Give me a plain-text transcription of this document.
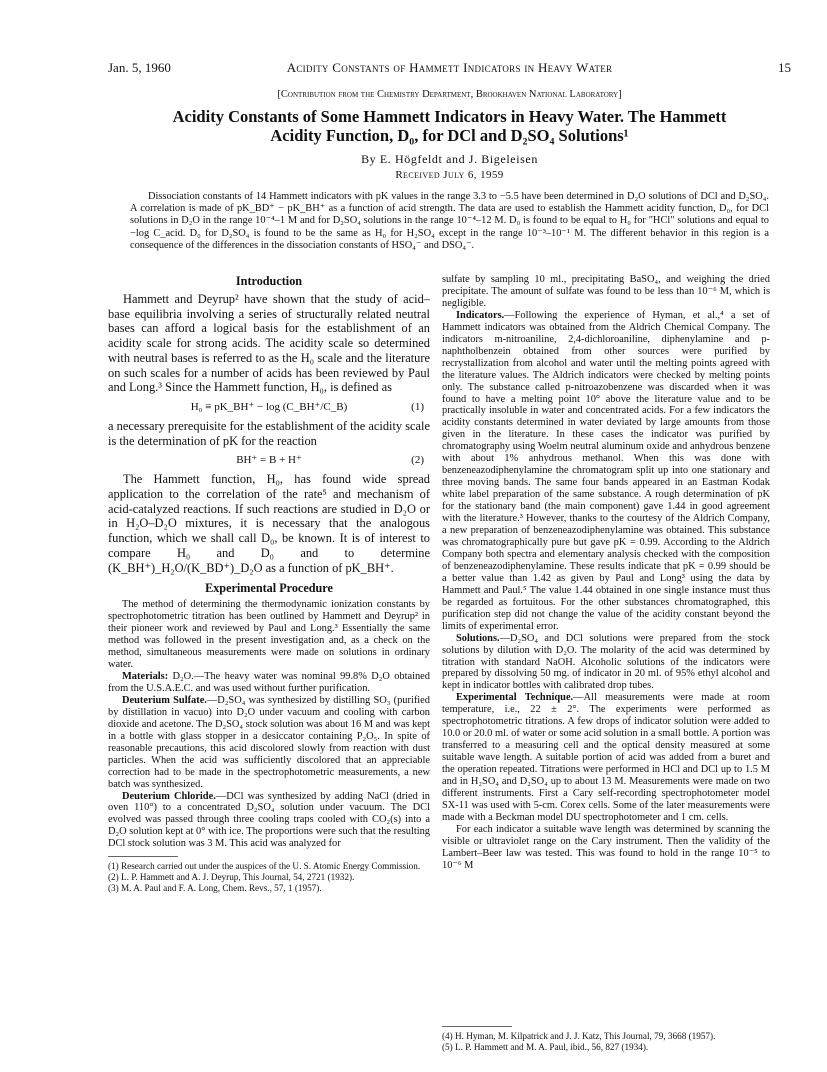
Jan. 5, 1960	Acidity Constants of Hammett Indicators in Heavy Water	15
[Contribution from the Chemistry Department, Brookhaven National Laboratory]
Acidity Constants of Some Hammett Indicators in Heavy Water. The Hammett
Acidity Function, D₀, for DCl and D₂SO₄ Solutions¹
By E. Högfeldt and J. Bigeleisen
Received July 6, 1959

Dissociation constants of 14 Hammett indicators with pK values in the range 3.3 to −5.5 have been determined in D₂O solutions of DCl and D₂SO₄. A correlation is made of pK_BD⁺ − pK_BH⁺ as a function of acid strength. The data are used to establish the Hammett acidity function, D₀, for DCl solutions in D₂O in the range 10⁻⁴–1 M and for D₂SO₄ solutions in the range 10⁻⁴–12 M. D₀ is found to be equal to H₀ for "HCl" solutions and equal to −log C_acid. D₀ for D₂SO₄ is found to be the same as H₀ for H₂SO₄ except in the range 10⁻³–10⁻¹ M. The different behavior in this region is a consequence of the differences in the dissociation constants of HSO₄⁻ and DSO₄⁻.

Introduction

Hammett and Deyrup² have shown that the study of acid–base equilibria involving a series of structurally related neutral bases can afford a logical basis for the establishment of an acidity scale for strong acids. The acidity scale so determined with neutral bases is referred to as the H₀ scale and the literature on such scales for a number of acids has been reviewed by Paul and Long.³ Since the Hammett function, H₀, is defined as

H₀ ≡ pK_BH⁺ − log (C_BH⁺/C_B)	(1)

a necessary prerequisite for the establishment of the acidity scale is the determination of pK for the reaction

BH⁺ = B + H⁺	(2)

The Hammett function, H₀, has found wide spread application to the correlation of the rate⁵ and mechanism of acid-catalyzed reactions. If such reactions are studied in D₂O or in H₂O–D₂O mixtures, it is necessary that the analogous function, which we shall call D₀, be known. It is of interest to compare H₀ and D₀ and to determine (K_BH⁺)_H₂O/(K_BD⁺)_D₂O as a function of pK_BH⁺.

Experimental Procedure

The method of determining the thermodynamic ionization constants by spectrophotometric titration has been outlined by Hammett and Deyrup² in their pioneer work and reviewed by Paul and Long.³ Essentially the same method was followed in the present investigation and, as a check on the method, simultaneous measurements were made on solutions in ordinary water.

Materials: D₂O.—The heavy water was nominal 99.8% D₂O obtained from the U.S.A.E.C. and was used without further purification.

Deuterium Sulfate.—D₂SO₄ was synthesized by distilling SO₃ (purified by distillation in vacuo) into D₂O under vacuum and cooling with carbon dioxide and acetone. The D₂SO₄ stock solution was about 16 M and was kept in a bottle with glass stopper in a desiccator containing P₂O₅. In spite of reasonable precautions, this acid discolored slowly from reaction with dust particles. When the acid was sufficiently discolored that an appreciable correction had to be made in the spectrophotometric measurements, a new batch was synthesized.

Deuterium Chloride.—DCl was synthesized by adding NaCl (dried in oven 110°) to a concentrated D₂SO₄ solution under vacuum. The DCl evolved was passed through three cooling traps cooled with CO₂(s) into a D₂O solution kept at 0° with ice. The proportions were such that the resulting DCl stock solution was 3 M. This acid was analyzed for

(1) Research carried out under the auspices of the U. S. Atomic Energy Commission.

(2) L. P. Hammett and A. J. Deyrup, This Journal, 54, 2721 (1932).

(3) M. A. Paul and F. A. Long, Chem. Revs., 57, 1 (1957).

sulfate by sampling 10 ml., precipitating BaSO₄, and weighing the dried precipitate. The amount of sulfate was found to be less than 10⁻⁶ M, which is negligible.

Indicators.—Following the experience of Hyman, et al.,⁴ a set of Hammett indicators was obtained from the Aldrich Chemical Company. The indicators m-nitroaniline, 2,4-dichloroaniline, diphenylamine and p-naphtholbenzein obtained from other sources were purified by recrystallization from alcohol and water until the melting points agreed with the literature values. The Aldrich indicators were checked by melting points only. The substance called p-nitroazobenzene was discarded when it was found to have a melting point 10° above the literature value and to be practically insoluble in water and concentrated acids. For a few indicators the acidity constants determined in water deviated by large amounts from those given in the literature. In these cases the indicator was purified by chromatography using Woelm neutral aluminum oxide and anhydrous benzene with about 1% anhydrous methanol. When this was done with benzeneazodiphenylamine the chromatogram split up into one stationary and three moving bands. The same four bands appeared in an Eastman Kodak white label preparation of the same substance. A rough determination of pK for the stationary band (the main component) gave 1.44 in good agreement with the literature.³ However, thanks to the courtesy of the Aldrich Company, a new preparation of benzeneazodiphenylamine was obtained. This substance was chromatographically pure but gave pK = 0.99. According to the Aldrich Company both spectra and elementary analysis checked with the composition of benzeneazodiphenylamine. These results indicate that pK = 0.99 should be a better value than 1.42 as given by Paul and Long³ using the data by Hammett and Paul.⁵ The value 1.44 obtained in one single instance must thus be regarded as fortuitous. For the other substances chromatographed, this purification step did not change the value of the acidity constant beyond the limits of experimental error.

Solutions.—D₂SO₄ and DCl solutions were prepared from the stock solutions by dilution with D₂O. The molarity of the acid was determined by titration with standard NaOH. Alcoholic solutions of the indicators were prepared by dissolving 50 mg. of indicator in 20 ml. of 95% ethyl alcohol and kept in indicator bottles with calibrated drop tubes.

Experimental Technique.—All measurements were made at room temperature, i.e., 22 ± 2°. The experiments were performed as spectrophotometric titrations. A few drops of indicator solution were added to 10.0 or 20.0 ml. of water or some acid solution in a small bottle. A portion was transferred to a measuring cell and the optical density measured at some suitable wave length. A suitable portion of acid was added from a buret and the operation repeated. Titrations were performed in HCl and DCl up to 1.5 M and in H₂SO₄ and D₂SO₄ up to about 13 M. Measurements were made on two different instruments. First a Cary self-recording spectrophotometer model SX-11 was used with 5-cm. Corex cells. Some of the later measurements were made with a Beckman model DU spectrophotometer and 1 cm. cells.

For each indicator a suitable wave length was determined by scanning the visible or ultraviolet range on the Cary instrument. Then the validity of the Lambert–Beer law was tested. This was found to hold in the range 10⁻⁵ to 10⁻⁶ M

(4) H. Hyman, M. Kilpatrick and J. J. Katz, This Journal, 79, 3668 (1957).

(5) L. P. Hammett and M. A. Paul, ibid., 56, 827 (1934).
